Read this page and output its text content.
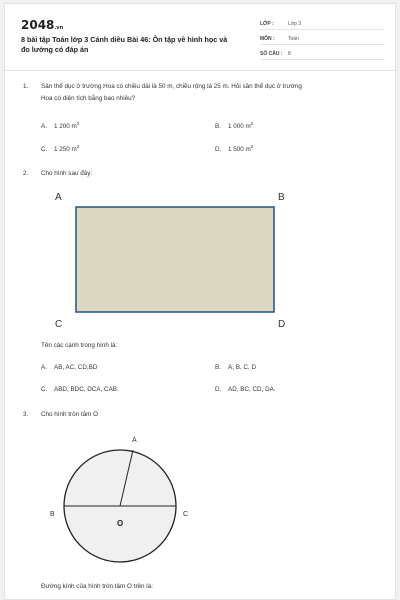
2048.vn
8 bài tập Toán lớp 3 Cánh diều Bài 46: Ôn tập về hình học và đo lường có đáp án
LỚP :	Lớp 3
MÔN :	Toán
SỐ CÂU : 8
1. Sân thể dục ở trường Hoa có chiều dài là 50 m, chiều rộng là 25 m. Hỏi sân thể dục ở trường
Hoa có diện tích bằng bao nhiêu?
A. 1 200 $m^2$	B. 1 000 $m^2$
C. 1 250 $m^2$	D. 1 500 $m^2$
2. Cho hình sau đây:
A	B
C	D
Tên các cạnh trong hình là:
A. AB, AC, CD,BD	B. A, B, C, D
C. ABD, BDC, DCA, CAB.	D. AD, BC, CD, DA.
3. Cho hình tròn tâm O
A
B	C
O
Đường kính của hình tròn tâm O trên là:
